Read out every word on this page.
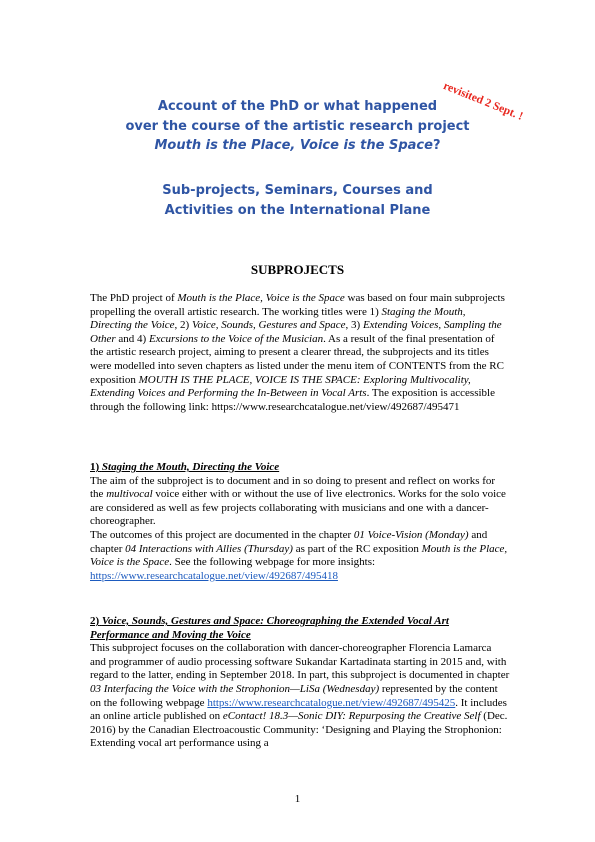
revisited 2 Sept. !
Account of the PhD or what happened
over the course of the artistic research project
Mouth is the Place, Voice is the Space?
Sub-projects, Seminars, Courses and
Activities on the International Plane
SUBPROJECTS

The PhD project of Mouth is the Place, Voice is the Space was based on four main subprojects propelling the overall artistic research. The working titles were 1) Staging the Mouth, Directing the Voice, 2) Voice, Sounds, Gestures and Space, 3) Extending Voices, Sampling the Other and 4) Excursions to the Voice of the Musician. As a result of the final presentation of the artistic research project, aiming to present a clearer thread, the subprojects and its titles were modelled into seven chapters as listed under the menu item of CONTENTS from the RC exposition MOUTH IS THE PLACE, VOICE IS THE SPACE: Exploring Multivocality, Extending Voices and Performing the In-Between in Vocal Arts. The exposition is accessible through the following link: https://www.researchcatalogue.net/view/492687/495471

1) Staging the Mouth, Directing the Voice

The aim of the subproject is to document and in so doing to present and reflect on works for the multivocal voice either with or without the use of live electronics. Works for the solo voice are considered as well as few projects collaborating with musicians and one with a dancer-choreographer.

The outcomes of this project are documented in the chapter 01 Voice-Vision (Monday) and chapter 04 Interactions with Allies (Thursday) as part of the RC exposition Mouth is the Place, Voice is the Space. See the following webpage for more insights:

https://www.researchcatalogue.net/view/492687/495418

2) Voice, Sounds, Gestures and Space: Choreographing the Extended Vocal Art Performance and Moving the Voice

This subproject focuses on the collaboration with dancer-choreographer Florencia Lamarca and programmer of audio processing software Sukandar Kartadinata starting in 2015 and, with regard to the latter, ending in September 2018. In part, this subproject is documented in chapter 03 Interfacing the Voice with the Strophonion—LiSa (Wednesday) represented by the content on the following webpage https://www.researchcatalogue.net/view/492687/495425. It includes an online article published on eContact! 18.3—Sonic DIY: Repurposing the Creative Self (Dec. 2016) by the Canadian Electroacoustic Community: ‘Designing and Playing the Strophonion: Extending vocal art performance using a

1
